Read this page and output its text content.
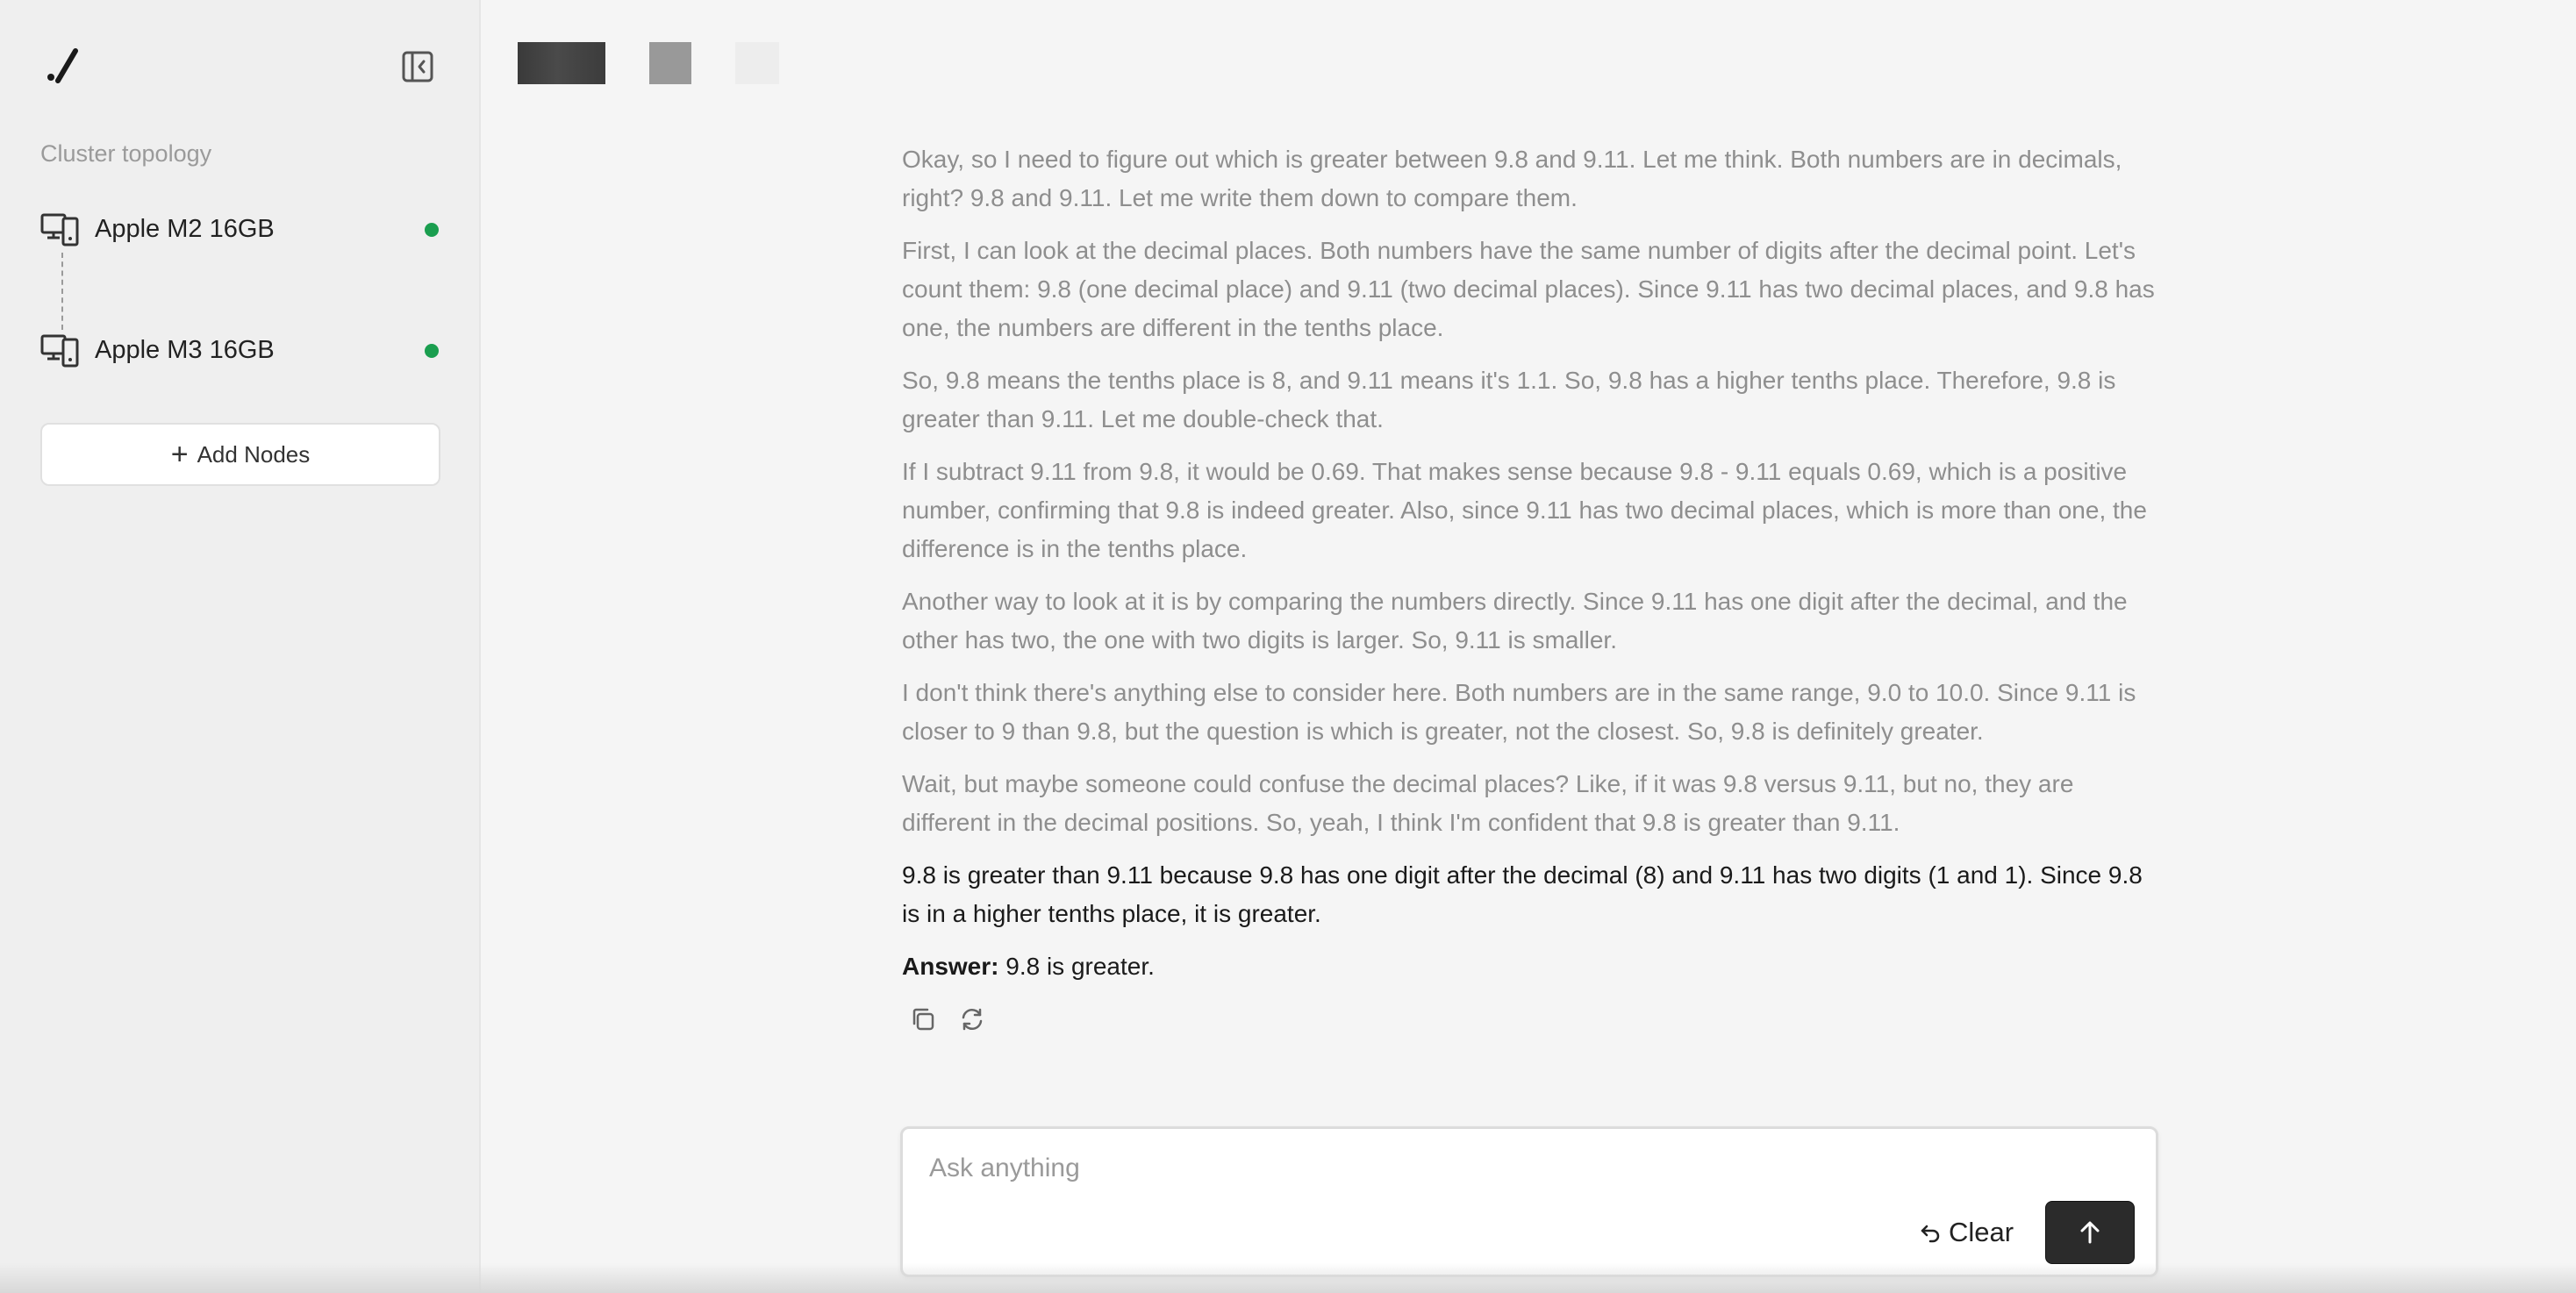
Cluster topology
Apple M2 16GB
Apple M3 16GB
+ Add Nodes

Okay, so I need to figure out which is greater between 9.8 and 9.11. Let me think. Both numbers are in decimals, right? 9.8 and 9.11. Let me write them down to compare them.

First, I can look at the decimal places. Both numbers have the same number of digits after the decimal point. Let's count them: 9.8 (one decimal place) and 9.11 (two decimal places). Since 9.11 has two decimal places, and 9.8 has one, the numbers are different in the tenths place.

So, 9.8 means the tenths place is 8, and 9.11 means it's 1.1. So, 9.8 has a higher tenths place. Therefore, 9.8 is greater than 9.11. Let me double-check that.

If I subtract 9.11 from 9.8, it would be 0.69. That makes sense because 9.8 - 9.11 equals 0.69, which is a positive number, confirming that 9.8 is indeed greater. Also, since 9.11 has two decimal places, which is more than one, the difference is in the tenths place.

Another way to look at it is by comparing the numbers directly. Since 9.11 has one digit after the decimal, and the other has two, the one with two digits is larger. So, 9.11 is smaller.

I don't think there's anything else to consider here. Both numbers are in the same range, 9.0 to 10.0. Since 9.11 is closer to 9 than 9.8, but the question is which is greater, not the closest. So, 9.8 is definitely greater.

Wait, but maybe someone could confuse the decimal places? Like, if it was 9.8 versus 9.11, but no, they are different in the decimal positions. So, yeah, I think I'm confident that 9.8 is greater than 9.11.

9.8 is greater than 9.11 because 9.8 has one digit after the decimal (8) and 9.11 has two digits (1 and 1). Since 9.8 is in a higher tenths place, it is greater.

Answer: 9.8 is greater.

Ask anything
Clear
